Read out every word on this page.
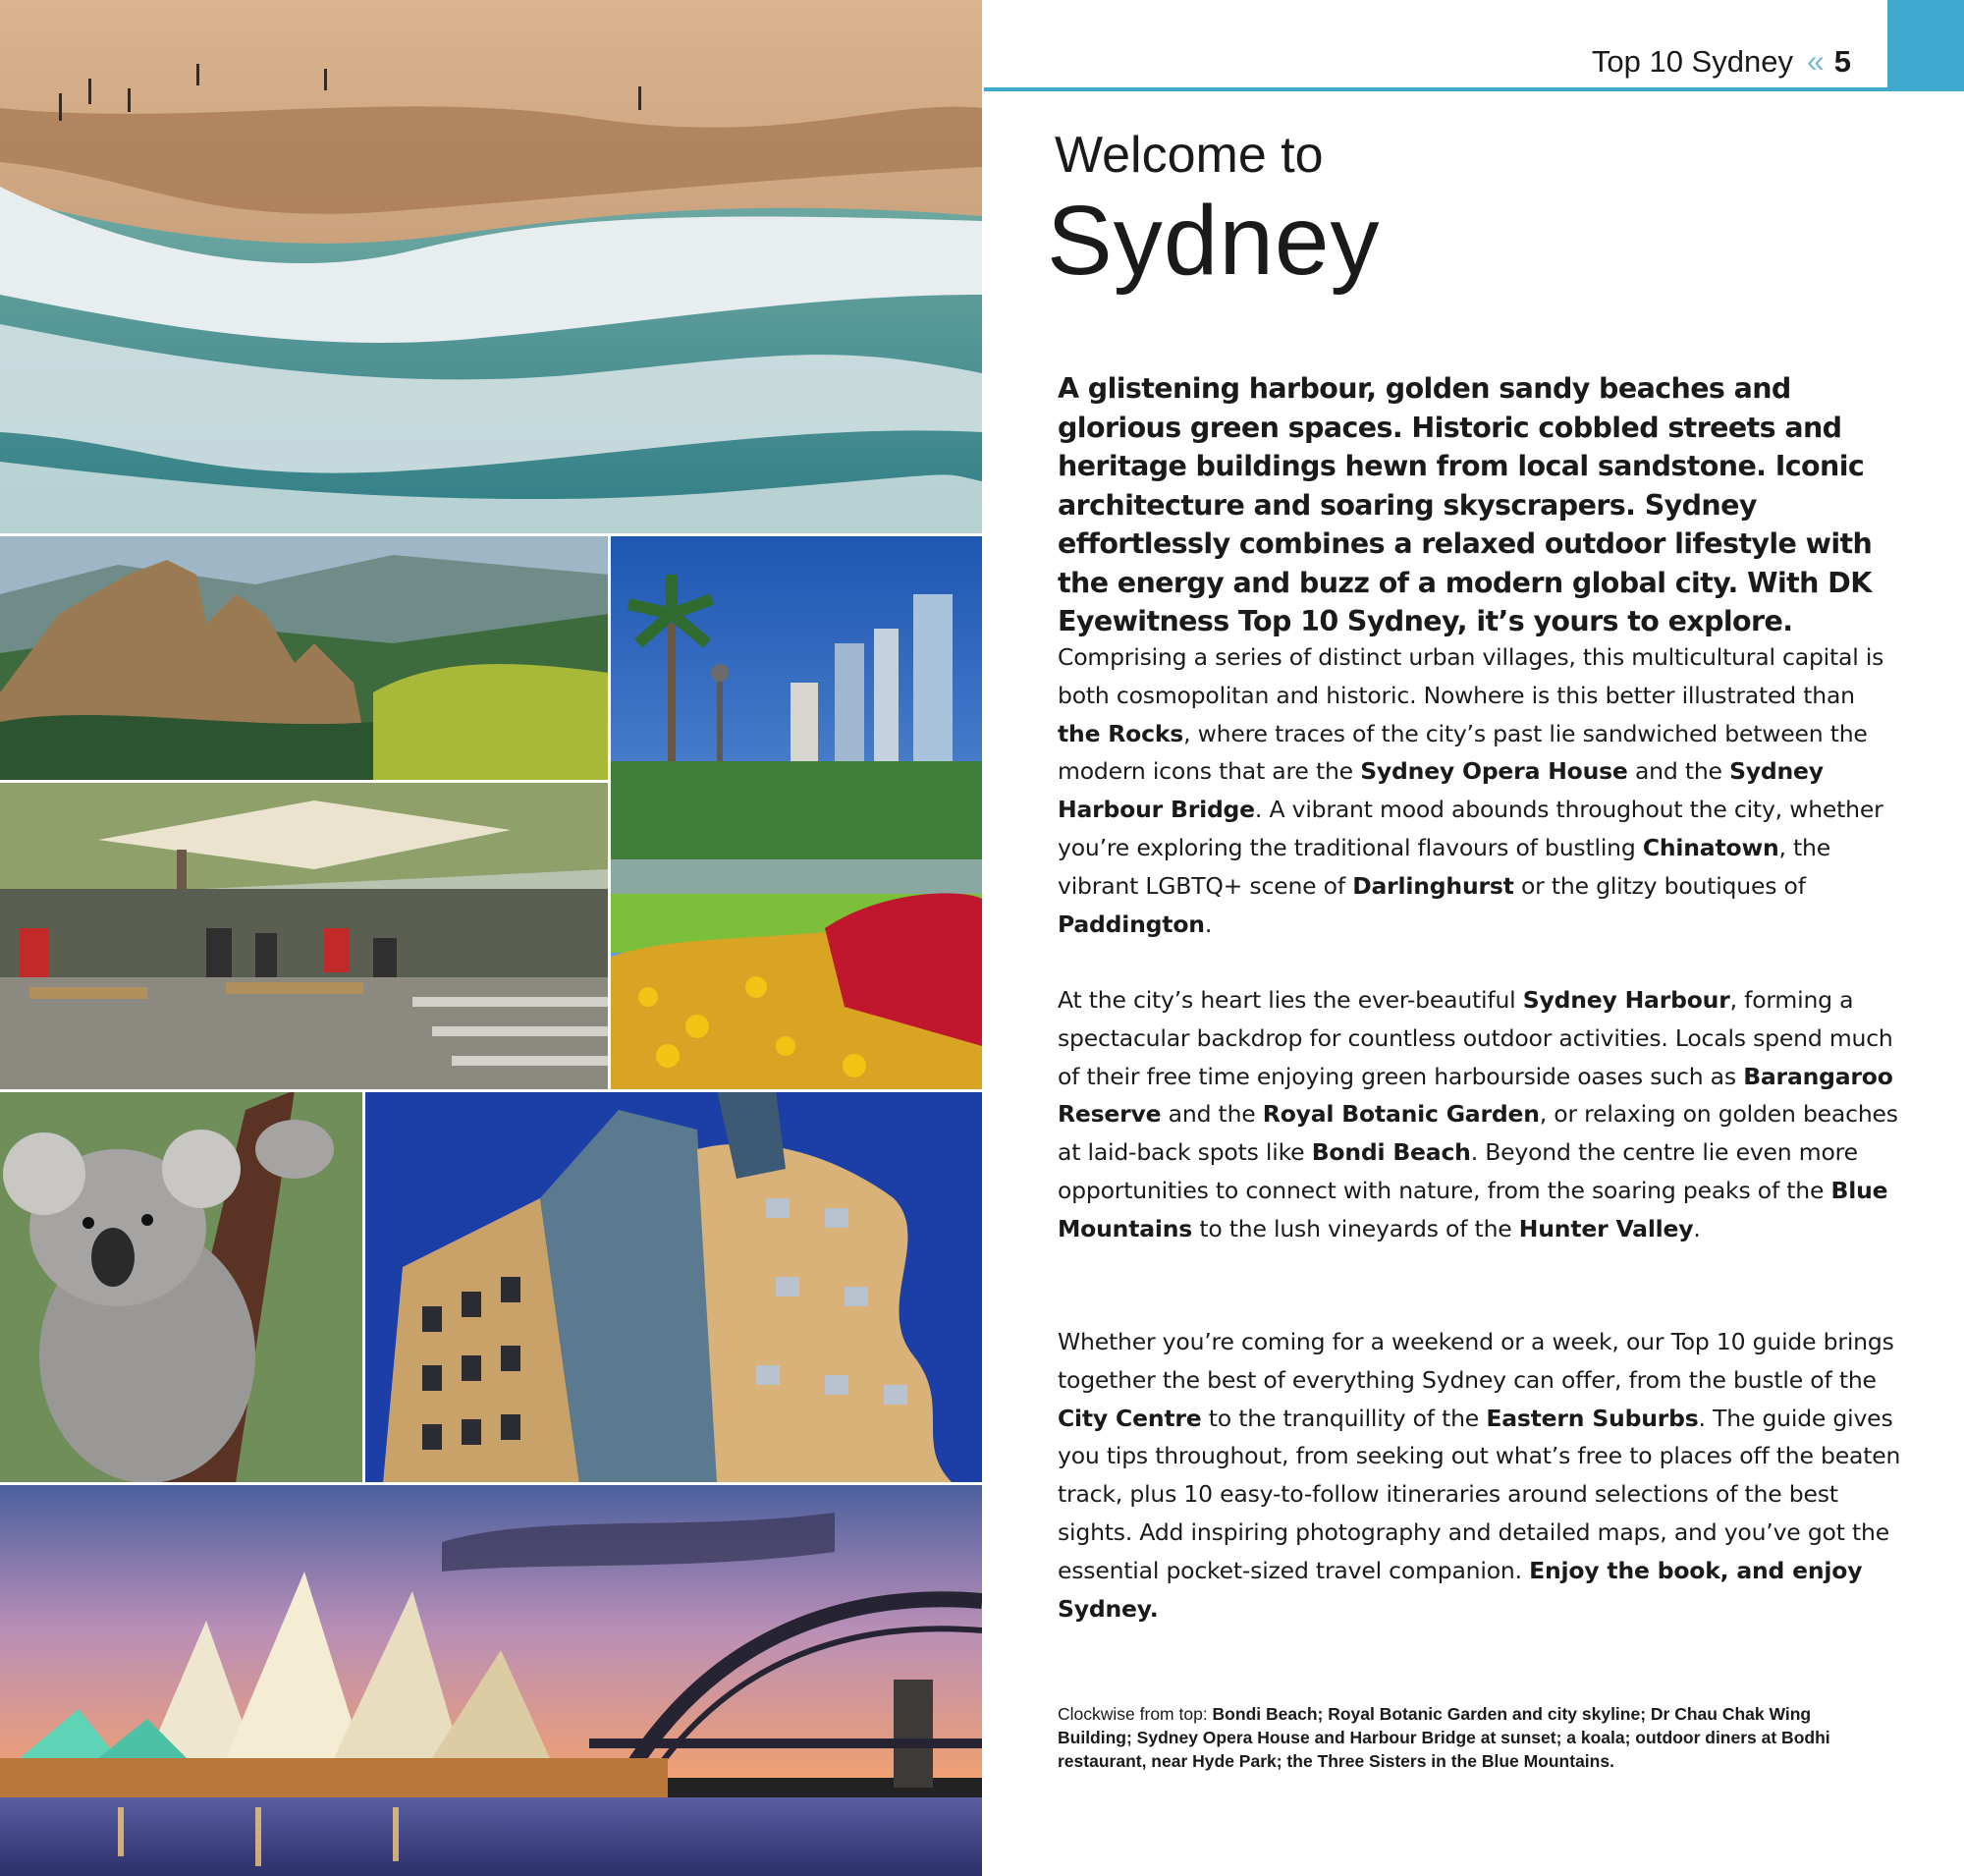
Top 10 Sydney « 5
Welcome to
Sydney

A glistening harbour, golden sandy beaches and glorious green spaces. Historic cobbled streets and heritage buildings hewn from local sandstone. Iconic architecture and soaring skyscrapers. Sydney effortlessly combines a relaxed outdoor lifestyle with the energy and buzz of a modern global city. With DK Eyewitness Top 10 Sydney, it’s yours to explore.

Comprising a series of distinct urban villages, this multicultural capital is both cosmopolitan and historic. Nowhere is this better illustrated than the Rocks, where traces of the city’s past lie sandwiched between the modern icons that are the Sydney Opera House and the Sydney Harbour Bridge. A vibrant mood abounds throughout the city, whether you’re exploring the traditional flavours of bustling Chinatown, the vibrant LGBTQ+ scene of Darlinghurst or the glitzy boutiques of Paddington.

At the city’s heart lies the ever-beautiful Sydney Harbour, forming a spectacular backdrop for countless outdoor activities. Locals spend much of their free time enjoying green harbourside oases such as Barangaroo Reserve and the Royal Botanic Garden, or relaxing on golden beaches at laid-back spots like Bondi Beach. Beyond the centre lie even more opportunities to connect with nature, from the soaring peaks of the Blue Mountains to the lush vineyards of the Hunter Valley.

Whether you’re coming for a weekend or a week, our Top 10 guide brings together the best of everything Sydney can offer, from the bustle of the City Centre to the tranquillity of the Eastern Suburbs. The guide gives you tips throughout, from seeking out what’s free to places off the beaten track, plus 10 easy-to-follow itineraries around selections of the best sights. Add inspiring photography and detailed maps, and you’ve got the essential pocket-sized travel companion. Enjoy the book, and enjoy Sydney.

Clockwise from top: Bondi Beach; Royal Botanic Garden and city skyline; Dr Chau Chak Wing Building; Sydney Opera House and Harbour Bridge at sunset; a koala; outdoor diners at Bodhi restaurant, near Hyde Park; the Three Sisters in the Blue Mountains.
